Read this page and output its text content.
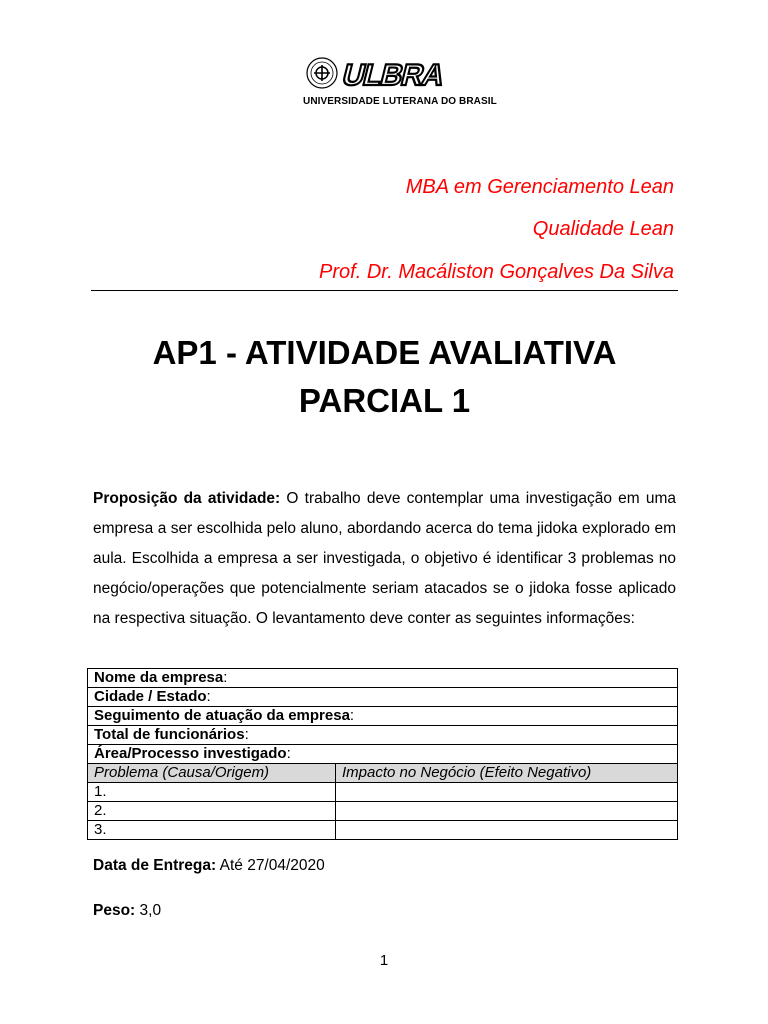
ULBRA
UNIVERSIDADE LUTERANA DO BRASIL
MBA em Gerenciamento Lean
Qualidade Lean
Prof. Dr. Macáliston Gonçalves Da Silva
AP1 - ATIVIDADE AVALIATIVA
PARCIAL 1
Proposição da atividade: O trabalho deve contemplar uma investigação em uma empresa a ser escolhida pelo aluno, abordando acerca do tema jidoka explorado em aula. Escolhida a empresa a ser investigada, o objetivo é identificar 3 problemas no negócio/operações que potencialmente seriam atacados se o jidoka fosse aplicado na respectiva situação. O levantamento deve conter as seguintes informações:
Nome da empresa:	
Cidade / Estado:	
Seguimento de atuação da empresa:	
Total de funcionários:	
Área/Processo investigado:	
Problema (Causa/Origem)	Impacto no Negócio (Efeito Negativo)
1.	
2.	
3.	
Data de Entrega: Até 27/04/2020
Peso: 3,0
1
